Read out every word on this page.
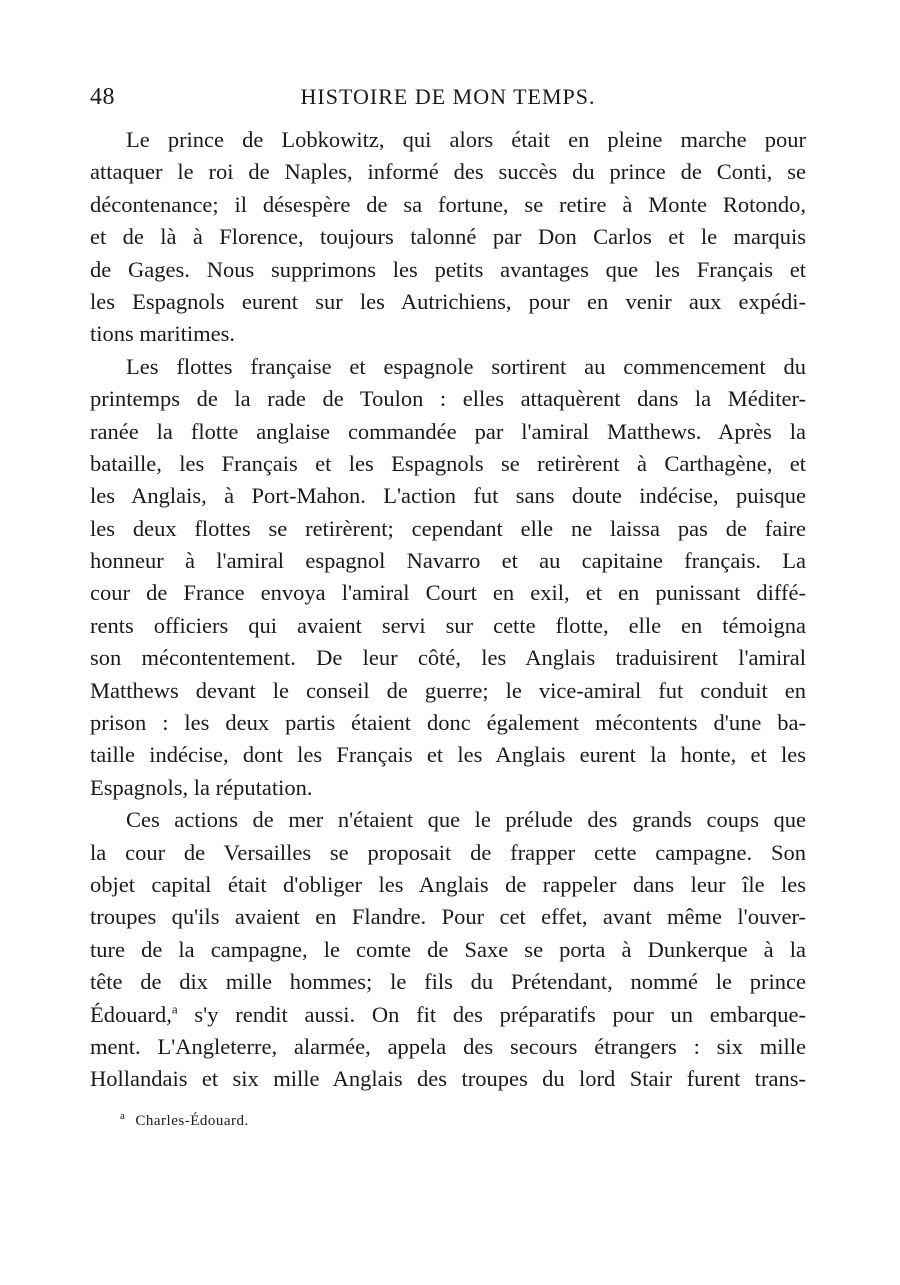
48	HISTOIRE DE MON TEMPS.
Le prince de Lobkowitz, qui alors était en pleine marche pour
attaquer le roi de Naples, informé des succès du prince de Conti, se
décontenance; il désespère de sa fortune, se retire à Monte Rotondo,
et de là à Florence, toujours talonné par Don Carlos et le marquis
de Gages. Nous supprimons les petits avantages que les Français et
les Espagnols eurent sur les Autrichiens, pour en venir aux expédi-
tions maritimes.
Les flottes française et espagnole sortirent au commencement du
printemps de la rade de Toulon : elles attaquèrent dans la Méditer-
ranée la flotte anglaise commandée par l'amiral Matthews. Après la
bataille, les Français et les Espagnols se retirèrent à Carthagène, et
les Anglais, à Port-Mahon. L'action fut sans doute indécise, puisque
les deux flottes se retirèrent; cependant elle ne laissa pas de faire
honneur à l'amiral espagnol Navarro et au capitaine français. La
cour de France envoya l'amiral Court en exil, et en punissant diffé-
rents officiers qui avaient servi sur cette flotte, elle en témoigna
son mécontentement. De leur côté, les Anglais traduisirent l'amiral
Matthews devant le conseil de guerre; le vice-amiral fut conduit en
prison : les deux partis étaient donc également mécontents d'une ba-
taille indécise, dont les Français et les Anglais eurent la honte, et les
Espagnols, la réputation.
Ces actions de mer n'étaient que le prélude des grands coups que
la cour de Versailles se proposait de frapper cette campagne. Son
objet capital était d'obliger les Anglais de rappeler dans leur île les
troupes qu'ils avaient en Flandre. Pour cet effet, avant même l'ouver-
ture de la campagne, le comte de Saxe se porta à Dunkerque à la
tête de dix mille hommes; le fils du Prétendant, nommé le prince
Édouard,$^a$ s'y rendit aussi. On fit des préparatifs pour un embarque-
ment. L'Angleterre, alarmée, appela des secours étrangers : six mille
Hollandais et six mille Anglais des troupes du lord Stair furent trans-
$^a$ Charles-Édouard.
